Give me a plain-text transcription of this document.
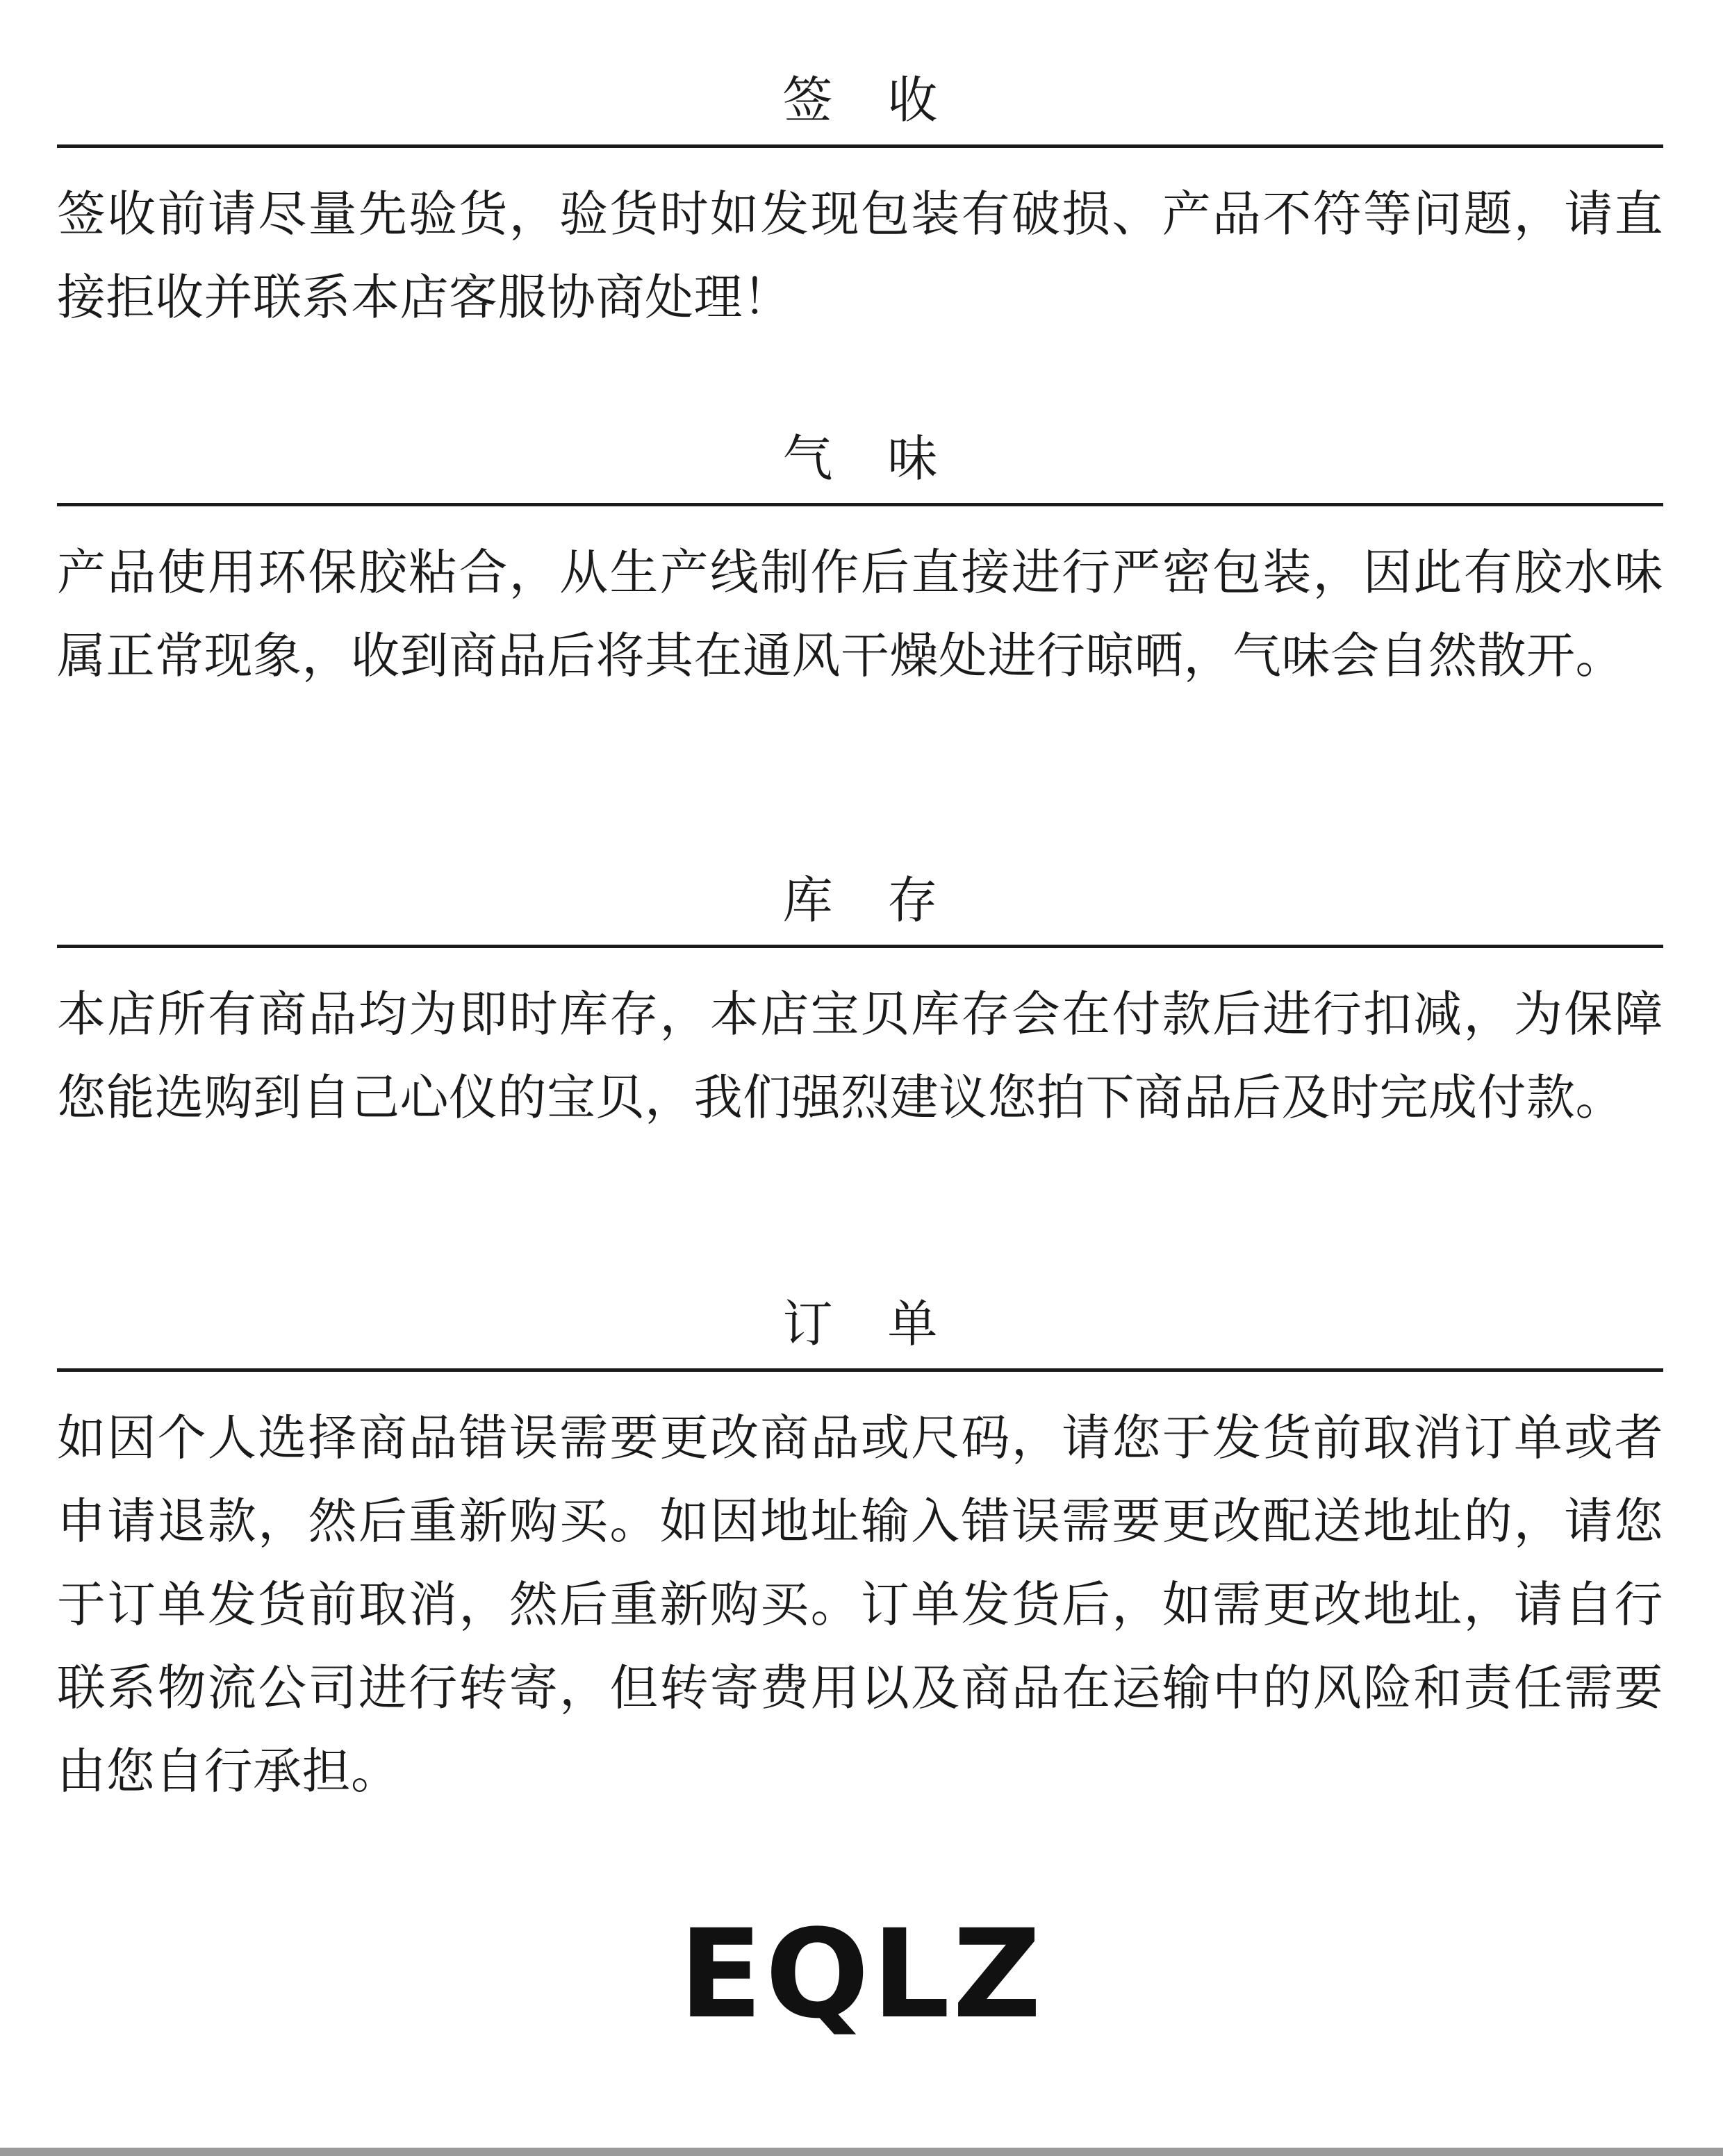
签 收
签收前请尽量先验货，验货时如发现包装有破损、产品不符等问题，请直接拒收并联系本店客服协商处理！
气 味
产品使用环保胶粘合，从生产线制作后直接进行严密包装，因此有胶水味属正常现象，收到商品后将其在通风干燥处进行晾晒，气味会自然散开。
库 存
本店所有商品均为即时库存，本店宝贝库存会在付款后进行扣减，为保障您能选购到自己心仪的宝贝，我们强烈建议您拍下商品后及时完成付款。
订 单
如因个人选择商品错误需要更改商品或尺码，请您于发货前取消订单或者申请退款，然后重新购买。如因地址输入错误需要更改配送地址的，请您于订单发货前取消，然后重新购买。订单发货后，如需更改地址，请自行联系物流公司进行转寄，但转寄费用以及商品在运输中的风险和责任需要由您自行承担。
EQLZ
